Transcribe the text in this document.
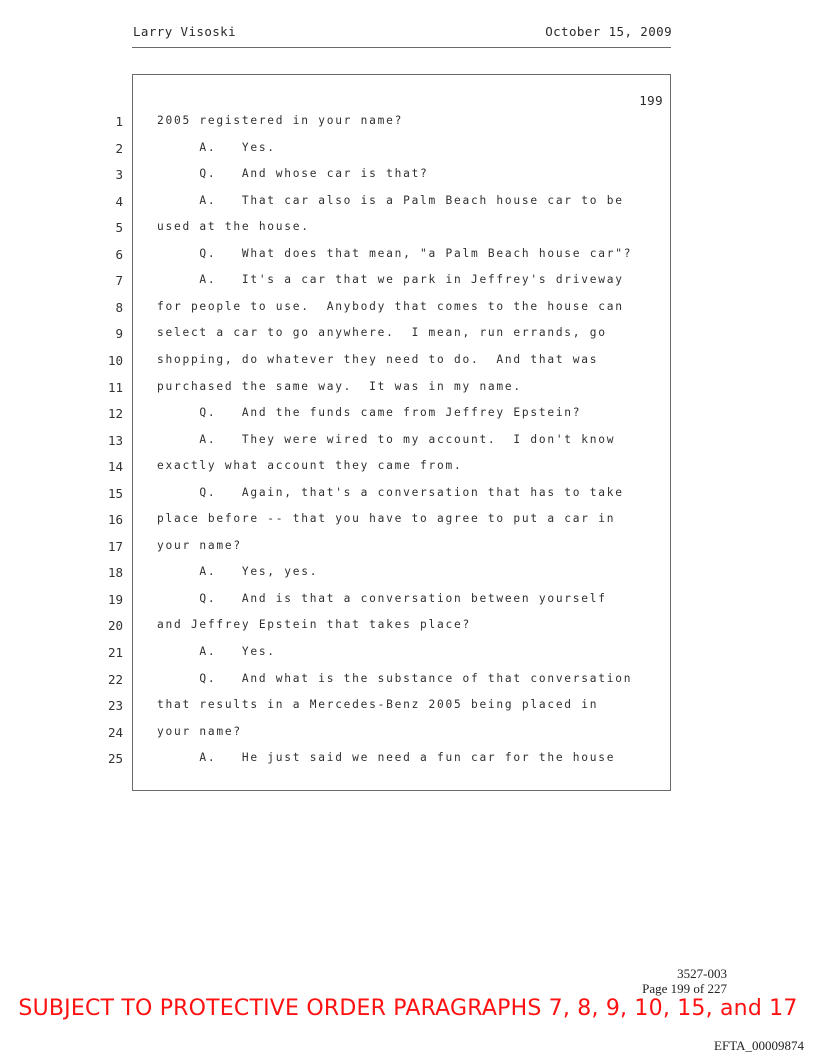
Larry Visoski	October 15, 2009
199
1	2005 registered in your name?
2	A.   Yes.
3	Q.   And whose car is that?
4	A.   That car also is a Palm Beach house car to be
5	used at the house.
6	Q.   What does that mean, "a Palm Beach house car"?
7	A.   It's a car that we park in Jeffrey's driveway
8	for people to use.  Anybody that comes to the house can
9	select a car to go anywhere.  I mean, run errands, go
10	shopping, do whatever they need to do.  And that was
11	purchased the same way.  It was in my name.
12	Q.   And the funds came from Jeffrey Epstein?
13	A.   They were wired to my account.  I don't know
14	exactly what account they came from.
15	Q.   Again, that's a conversation that has to take
16	place before -- that you have to agree to put a car in
17	your name?
18	A.   Yes, yes.
19	Q.   And is that a conversation between yourself
20	and Jeffrey Epstein that takes place?
21	A.   Yes.
22	Q.   And what is the substance of that conversation
23	that results in a Mercedes-Benz 2005 being placed in
24	your name?
25	A.   He just said we need a fun car for the house
3527-003
Page 199 of 227
SUBJECT TO PROTECTIVE ORDER PARAGRAPHS 7, 8, 9, 10, 15, and 17
EFTA_00009874
